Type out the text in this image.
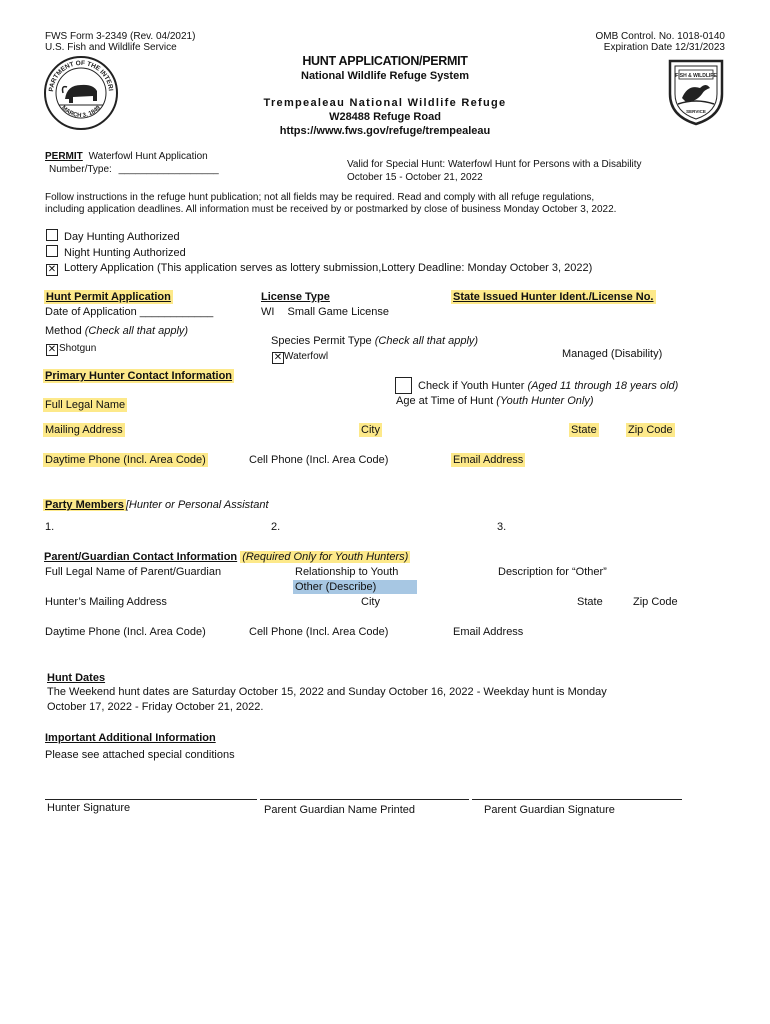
FWS Form 3-2349 (Rev. 04/2021)
U.S. Fish and Wildlife Service
OMB Control. No. 1018-0140
Expiration Date 12/31/2023
PARTMENT OF THE INTERI
MARCH 3, 1849
HUNT APPLICATION/PERMIT
National Wildlife Refuge System
Trempealeau National Wildlife Refuge
W28488 Refuge Road
https://www.fws.gov/refuge/trempealeau
FISH & WILDLIFE
SERVICE
PERMIT Waterfowl Hunt Application
Number/Type: __________________	Valid for Special Hunt: Waterfowl Hunt for Persons with a Disability
October 15 - October 21, 2022
Follow instructions in the refuge hunt publication; not all fields may be required. Read and comply with all refuge regulations,
including application deadlines. All information must be received by or postmarked by close of business Monday October 3, 2022.
Day Hunting Authorized
Night Hunting Authorized
✕ Lottery Application (This application serves as lottery submission,Lottery Deadline: Monday October 3, 2022)
Hunt Permit Application
Date of Application ____________
Method (Check all that apply)
✕ Shotgun
License Type
WI Small Game License
Species Permit Type (Check all that apply)
✕ Waterfowl
State Issued Hunter Ident./License No.
Managed (Disability)
Primary Hunter Contact Information
Check if Youth Hunter (Aged 11 through 18 years old)
Age at Time of Hunt (Youth Hunter Only)
Full Legal Name
Mailing Address	City	State	Zip Code
Daytime Phone (Incl. Area Code)	Cell Phone (Incl. Area Code)	Email Address
Party Members [Hunter or Personal Assistant
1.	2.	3.
Parent/Guardian Contact Information (Required Only for Youth Hunters)
Full Legal Name of Parent/Guardian	Relationship to Youth
Other (Describe)
Description for “Other”
Hunter’s Mailing Address	City	State	Zip Code
Daytime Phone (Incl. Area Code)	Cell Phone (Incl. Area Code)	Email Address
Hunt Dates
The Weekend hunt dates are Saturday October 15, 2022 and Sunday October 16, 2022 - Weekday hunt is Monday
October 17, 2022 - Friday October 21, 2022.
Important Additional Information
Please see attached special conditions
Hunter Signature	Parent Guardian Name Printed	Parent Guardian Signature
